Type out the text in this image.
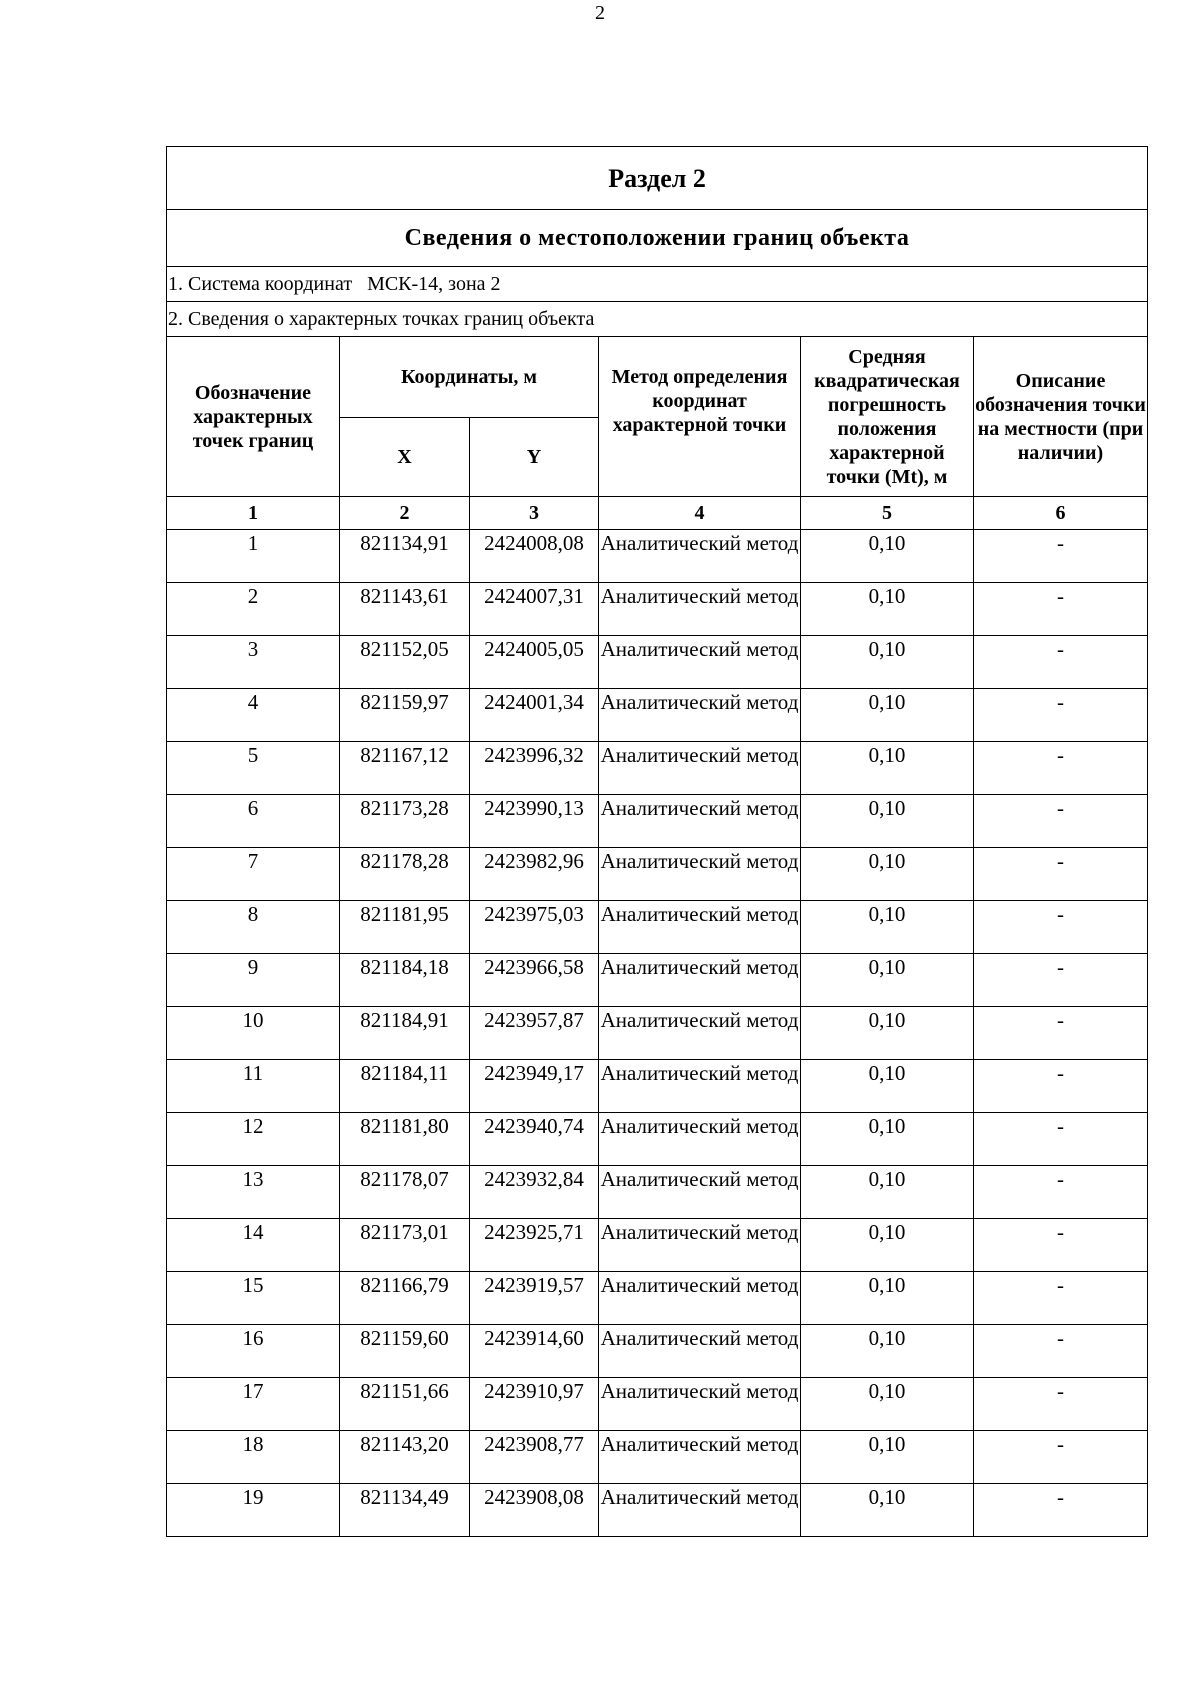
2
Раздел 2					
Сведения о местоположении границ объекта					
1. Система координат МСК-14, зона 2					
2. Сведения о характерных точках границ объекта					
Обозначение характерных точек границ	Координаты, м		Метод определения координат характерной точки	Средняя квадратическая погрешность положения характерной точки (Mt), м	Описание обозначения точки на местности (при наличии)
	X	Y			
1	2	3	4	5	6
1	821134,91	2424008,08	Аналитический метод	0,10	-
2	821143,61	2424007,31	Аналитический метод	0,10	-
3	821152,05	2424005,05	Аналитический метод	0,10	-
4	821159,97	2424001,34	Аналитический метод	0,10	-
5	821167,12	2423996,32	Аналитический метод	0,10	-
6	821173,28	2423990,13	Аналитический метод	0,10	-
7	821178,28	2423982,96	Аналитический метод	0,10	-
8	821181,95	2423975,03	Аналитический метод	0,10	-
9	821184,18	2423966,58	Аналитический метод	0,10	-
10	821184,91	2423957,87	Аналитический метод	0,10	-
11	821184,11	2423949,17	Аналитический метод	0,10	-
12	821181,80	2423940,74	Аналитический метод	0,10	-
13	821178,07	2423932,84	Аналитический метод	0,10	-
14	821173,01	2423925,71	Аналитический метод	0,10	-
15	821166,79	2423919,57	Аналитический метод	0,10	-
16	821159,60	2423914,60	Аналитический метод	0,10	-
17	821151,66	2423910,97	Аналитический метод	0,10	-
18	821143,20	2423908,77	Аналитический метод	0,10	-
19	821134,49	2423908,08	Аналитический метод	0,10	-
